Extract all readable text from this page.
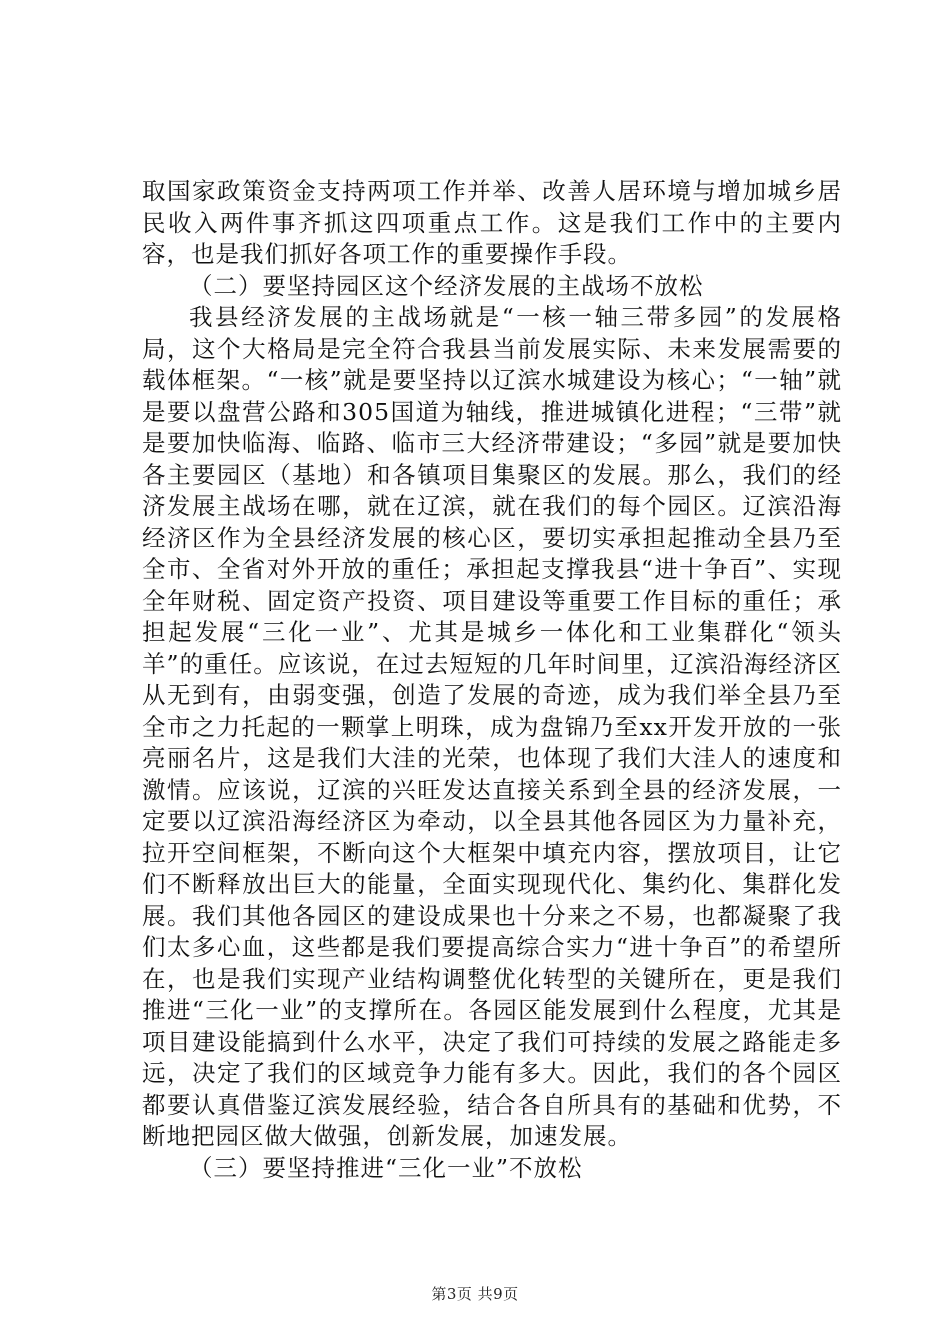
取国家政策资金支持两项工作并举、改善人居环境与增加城乡居民收入两件事齐抓这四项重点工作。这是我们工作中的主要内容，也是我们抓好各项工作的重要操作手段。

（二）要坚持园区这个经济发展的主战场不放松

我县经济发展的主战场就是“一核一轴三带多园”的发展格局，这个大格局是完全符合我县当前发展实际、未来发展需要的载体框架。“一核”就是要坚持以辽滨水城建设为核心；“一轴”就是要以盘营公路和305国道为轴线，推进城镇化进程；“三带”就是要加快临海、临路、临市三大经济带建设；“多园”就是要加快各主要园区（基地）和各镇项目集聚区的发展。那么，我们的经济发展主战场在哪，就在辽滨，就在我们的每个园区。辽滨沿海经济区作为全县经济发展的核心区，要切实承担起推动全县乃至全市、全省对外开放的重任；承担起支撑我县“进十争百”、实现全年财税、固定资产投资、项目建设等重要工作目标的重任；承担起发展“三化一业”、尤其是城乡一体化和工业集群化“领头羊”的重任。应该说，在过去短短的几年时间里，辽滨沿海经济区从无到有，由弱变强，创造了发展的奇迹，成为我们举全县乃至全市之力托起的一颗掌上明珠，成为盘锦乃至xx开发开放的一张亮丽名片，这是我们大洼的光荣，也体现了我们大洼人的速度和激情。应该说，辽滨的兴旺发达直接关系到全县的经济发展，一定要以辽滨沿海经济区为牵动，以全县其他各园区为力量补充，拉开空间框架，不断向这个大框架中填充内容，摆放项目，让它们不断释放出巨大的能量，全面实现现代化、集约化、集群化发展。我们其他各园区的建设成果也十分来之不易，也都凝聚了我们太多心血，这些都是我们要提高综合实力“进十争百”的希望所在，也是我们实现产业结构调整优化转型的关键所在，更是我们推进“三化一业”的支撑所在。各园区能发展到什么程度，尤其是项目建设能搞到什么水平，决定了我们可持续的发展之路能走多远，决定了我们的区域竞争力能有多大。因此，我们的各个园区都要认真借鉴辽滨发展经验，结合各自所具有的基础和优势，不断地把园区做大做强，创新发展，加速发展。

（三）要坚持推进“三化一业”不放松

第3页 共9页
